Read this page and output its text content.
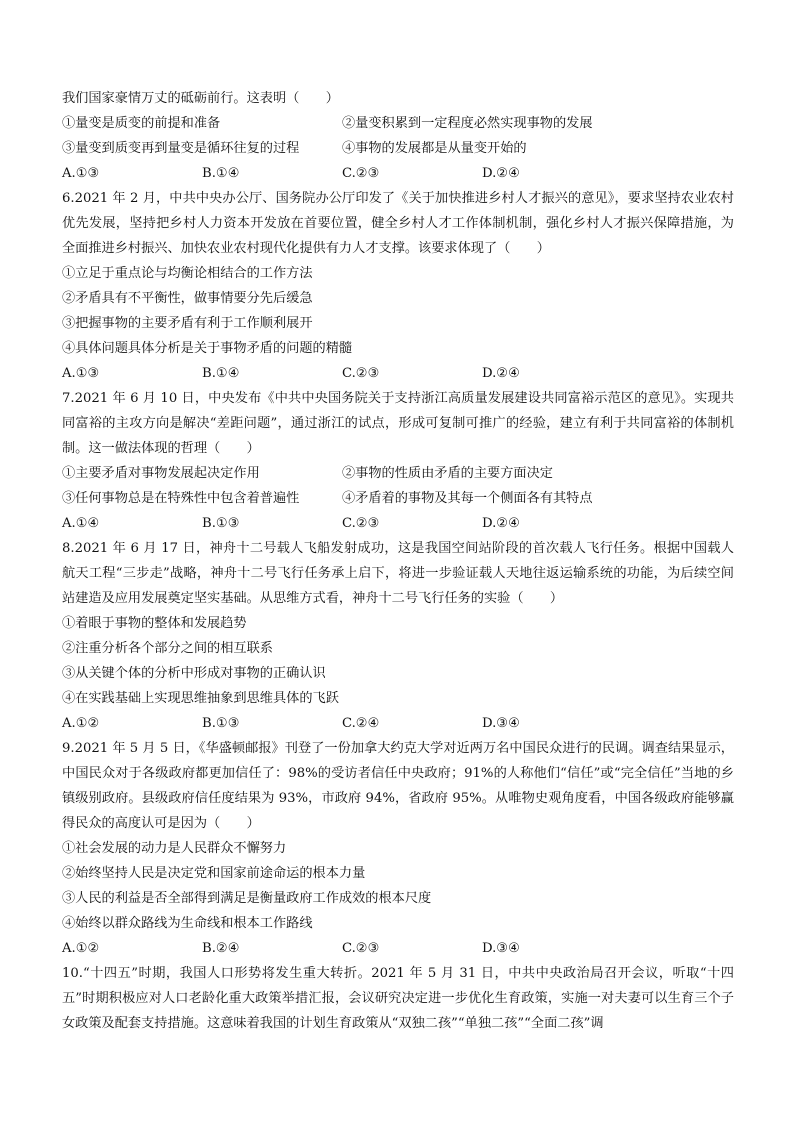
我们国家豪情万丈的砥砺前行。这表明（　　）
①量变是质变的前提和准备	②量变积累到一定程度必然实现事物的发展
③量变到质变再到量变是循环往复的过程	④事物的发展都是从量变开始的
A.①③	B.①④	C.②③	D.②④
6.2021 年 2 月，中共中央办公厅、国务院办公厅印发了《关于加快推进乡村人才振兴的意见》，要求坚持农业农村优先发展，坚持把乡村人力资本开发放在首要位置，健全乡村人才工作体制机制，强化乡村人才振兴保障措施，为全面推进乡村振兴、加快农业农村现代化提供有力人才支撑。该要求体现了（　　）
①立足于重点论与均衡论相结合的工作方法
②矛盾具有不平衡性，做事情要分先后缓急
③把握事物的主要矛盾有利于工作顺利展开
④具体问题具体分析是关于事物矛盾的问题的精髓
A.①③	B.①④	C.②③	D.②④
7.2021 年 6 月 10 日，中央发布《中共中央国务院关于支持浙江高质量发展建设共同富裕示范区的意见》。实现共同富裕的主攻方向是解决“差距问题”，通过浙江的试点，形成可复制可推广的经验，建立有利于共同富裕的体制机制。这一做法体现的哲理（　　）
①主要矛盾对事物发展起决定作用	②事物的性质由矛盾的主要方面决定
③任何事物总是在特殊性中包含着普遍性	④矛盾着的事物及其每一个侧面各有其特点
A.①④	B.①③	C.②③	D.②④
8.2021 年 6 月 17 日，神舟十二号载人飞船发射成功，这是我国空间站阶段的首次载人飞行任务。根据中国载人航天工程“三步走”战略，神舟十二号飞行任务承上启下，将进一步验证载人天地往返运输系统的功能，为后续空间站建造及应用发展奠定坚实基础。从思维方式看，神舟十二号飞行任务的实验（　　）
①着眼于事物的整体和发展趋势
②注重分析各个部分之间的相互联系
③从关键个体的分析中形成对事物的正确认识
④在实践基础上实现思维抽象到思维具体的飞跃
A.①②	B.①③	C.②④	D.③④
9.2021 年 5 月 5 日，《华盛顿邮报》刊登了一份加拿大约克大学对近两万名中国民众进行的民调。调查结果显示，中国民众对于各级政府都更加信任了：98%的受访者信任中央政府；91%的人称他们“信任”或“完全信任”当地的乡镇级别政府。县级政府信任度结果为 93%，市政府 94%，省政府 95%。从唯物史观角度看，中国各级政府能够赢得民众的高度认可是因为（　　）
①社会发展的动力是人民群众不懈努力
②始终坚持人民是决定党和国家前途命运的根本力量
③人民的利益是否全部得到满足是衡量政府工作成效的根本尺度
④始终以群众路线为生命线和根本工作路线
A.①②	B.②④	C.②③	D.③④
10.“十四五”时期，我国人口形势将发生重大转折。2021 年 5 月 31 日，中共中央政治局召开会议，听取“十四五”时期积极应对人口老龄化重大政策举措汇报，会议研究决定进一步优化生育政策，实施一对夫妻可以生育三个子女政策及配套支持措施。这意味着我国的计划生育政策从“双独二孩”“单独二孩”“全面二孩”调
